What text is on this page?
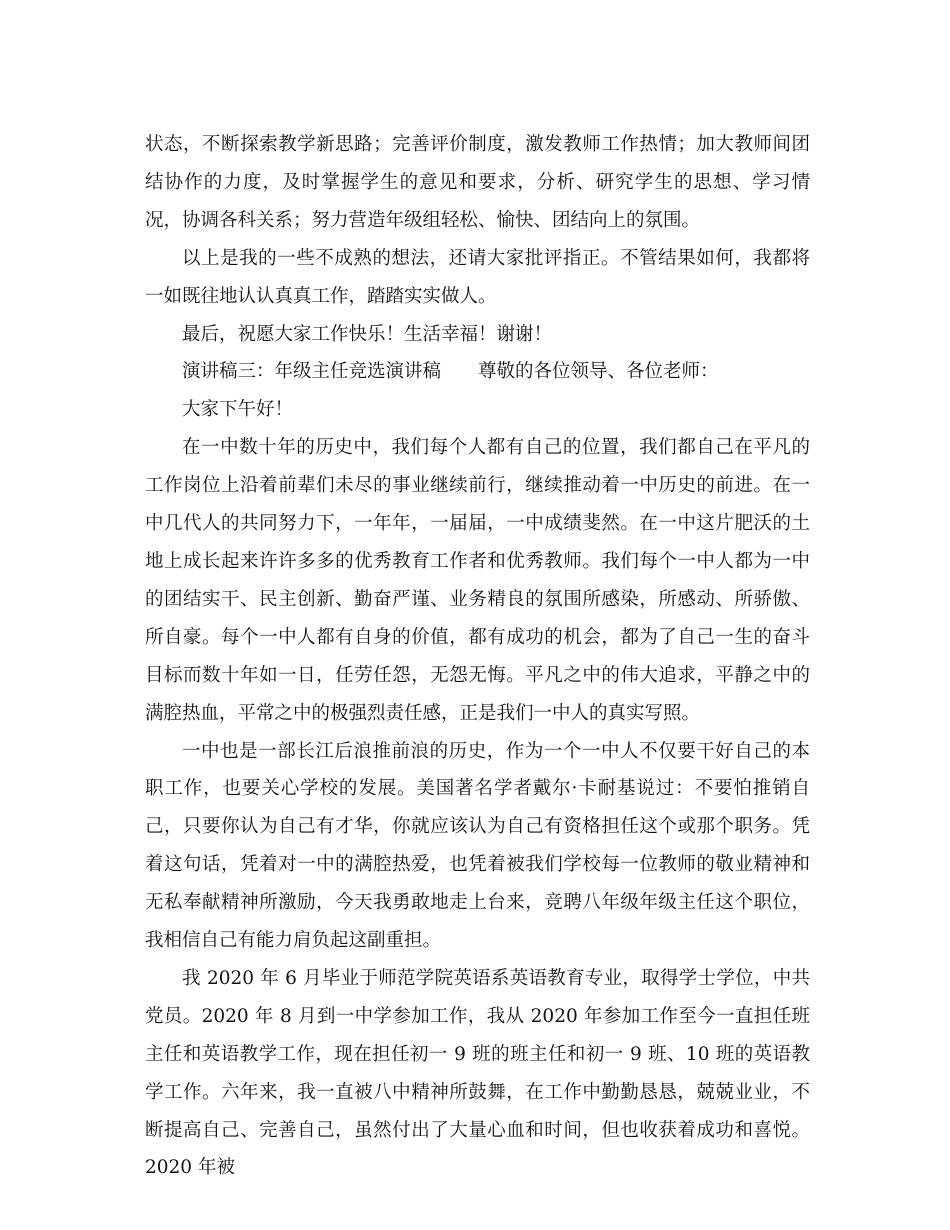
状态，不断探索教学新思路；完善评价制度，激发教师工作热情；加大教师间团结协作的力度，及时掌握学生的意见和要求，分析、研究学生的思想、学习情况，协调各科关系；努力营造年级组轻松、愉快、团结向上的氛围。

以上是我的一些不成熟的想法，还请大家批评指正。不管结果如何，我都将一如既往地认认真真工作，踏踏实实做人。

最后，祝愿大家工作快乐！生活幸福！谢谢！

演讲稿三：年级主任竞选演讲稿　　尊敬的各位领导、各位老师：

大家下午好！

在一中数十年的历史中，我们每个人都有自己的位置，我们都自己在平凡的工作岗位上沿着前辈们未尽的事业继续前行，继续推动着一中历史的前进。在一中几代人的共同努力下，一年年，一届届，一中成绩斐然。在一中这片肥沃的土地上成长起来许许多多的优秀教育工作者和优秀教师。我们每个一中人都为一中的团结实干、民主创新、勤奋严谨、业务精良的氛围所感染，所感动、所骄傲、所自豪。每个一中人都有自身的价值，都有成功的机会，都为了自己一生的奋斗目标而数十年如一日，任劳任怨，无怨无悔。平凡之中的伟大追求，平静之中的满腔热血，平常之中的极强烈责任感，正是我们一中人的真实写照。

一中也是一部长江后浪推前浪的历史，作为一个一中人不仅要干好自己的本职工作，也要关心学校的发展。美国著名学者戴尔·卡耐基说过：不要怕推销自己，只要你认为自己有才华，你就应该认为自己有资格担任这个或那个职务。凭着这句话，凭着对一中的满腔热爱，也凭着被我们学校每一位教师的敬业精神和无私奉献精神所激励，今天我勇敢地走上台来，竞聘八年级年级主任这个职位，我相信自己有能力肩负起这副重担。

我 2020 年 6 月毕业于师范学院英语系英语教育专业，取得学士学位，中共党员。2020 年 8 月到一中学参加工作，我从 2020 年参加工作至今一直担任班主任和英语教学工作，现在担任初一 9 班的班主任和初一 9 班、10 班的英语教学工作。六年来，我一直被八中精神所鼓舞，在工作中勤勤恳恳，兢兢业业，不断提高自己、完善自己，虽然付出了大量心血和时间，但也收获着成功和喜悦。2020 年被
